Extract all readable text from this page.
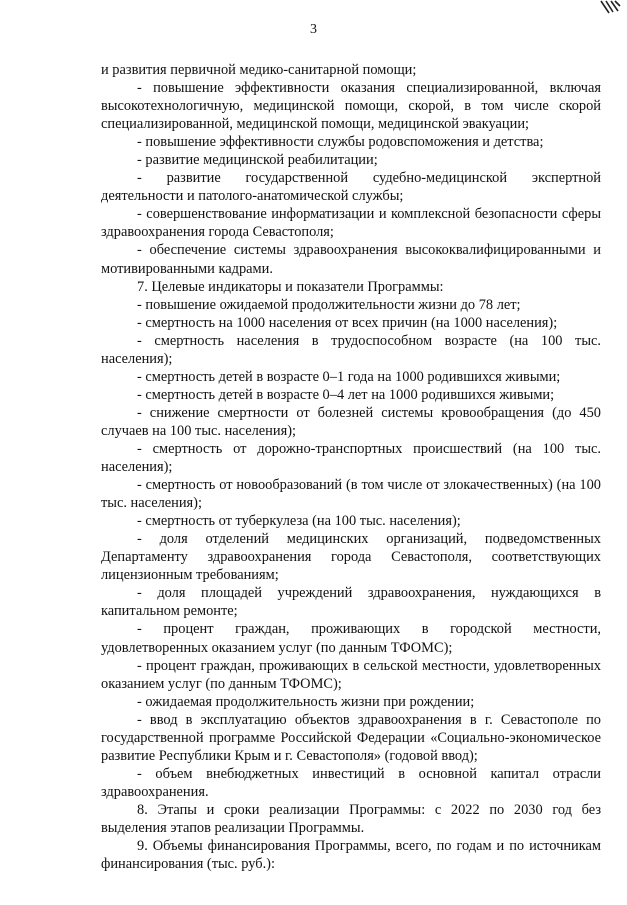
3

и развития первичной медико-санитарной помощи;

- повышение эффективности оказания специализированной, включая высокотехнологичную, медицинской помощи, скорой, в том числе скорой специализированной, медицинской помощи, медицинской эвакуации;

- повышение эффективности службы родовспоможения и детства;

- развитие медицинской реабилитации;

- развитие государственной судебно-медицинской экспертной деятельности и патолого-анатомической службы;

- совершенствование информатизации и комплексной безопасности сферы здравоохранения города Севастополя;

- обеспечение системы здравоохранения высококвалифицированными и мотивированными кадрами.

7. Целевые индикаторы и показатели Программы:

- повышение ожидаемой продолжительности жизни до 78 лет;

- смертность на 1000 населения от всех причин (на 1000 населения);

- смертность населения в трудоспособном возрасте (на 100 тыс. населения);

- смертность детей в возрасте 0–1 года на 1000 родившихся живыми;

- смертность детей в возрасте 0–4 лет на 1000 родившихся живыми;

- снижение смертности от болезней системы кровообращения (до 450 случаев на 100 тыс. населения);

- смертность от дорожно-транспортных происшествий (на 100 тыс. населения);

- смертность от новообразований (в том числе от злокачественных) (на 100 тыс. населения);

- смертность от туберкулеза (на 100 тыс. населения);

- доля отделений медицинских организаций, подведомственных Департаменту здравоохранения города Севастополя, соответствующих лицензионным требованиям;

- доля площадей учреждений здравоохранения, нуждающихся в капитальном ремонте;

- процент граждан, проживающих в городской местности, удовлетворенных оказанием услуг (по данным ТФОМС);

- процент граждан, проживающих в сельской местности, удовлетворенных оказанием услуг (по данным ТФОМС);

- ожидаемая продолжительность жизни при рождении;

- ввод в эксплуатацию объектов здравоохранения в г. Севастополе по государственной программе Российской Федерации «Социально-экономическое развитие Республики Крым и г. Севастополя» (годовой ввод);

- объем внебюджетных инвестиций в основной капитал отрасли здравоохранения.

8. Этапы и сроки реализации Программы: с 2022 по 2030 год без выделения этапов реализации Программы.

9. Объемы финансирования Программы, всего, по годам и по источникам финансирования (тыс. руб.):
